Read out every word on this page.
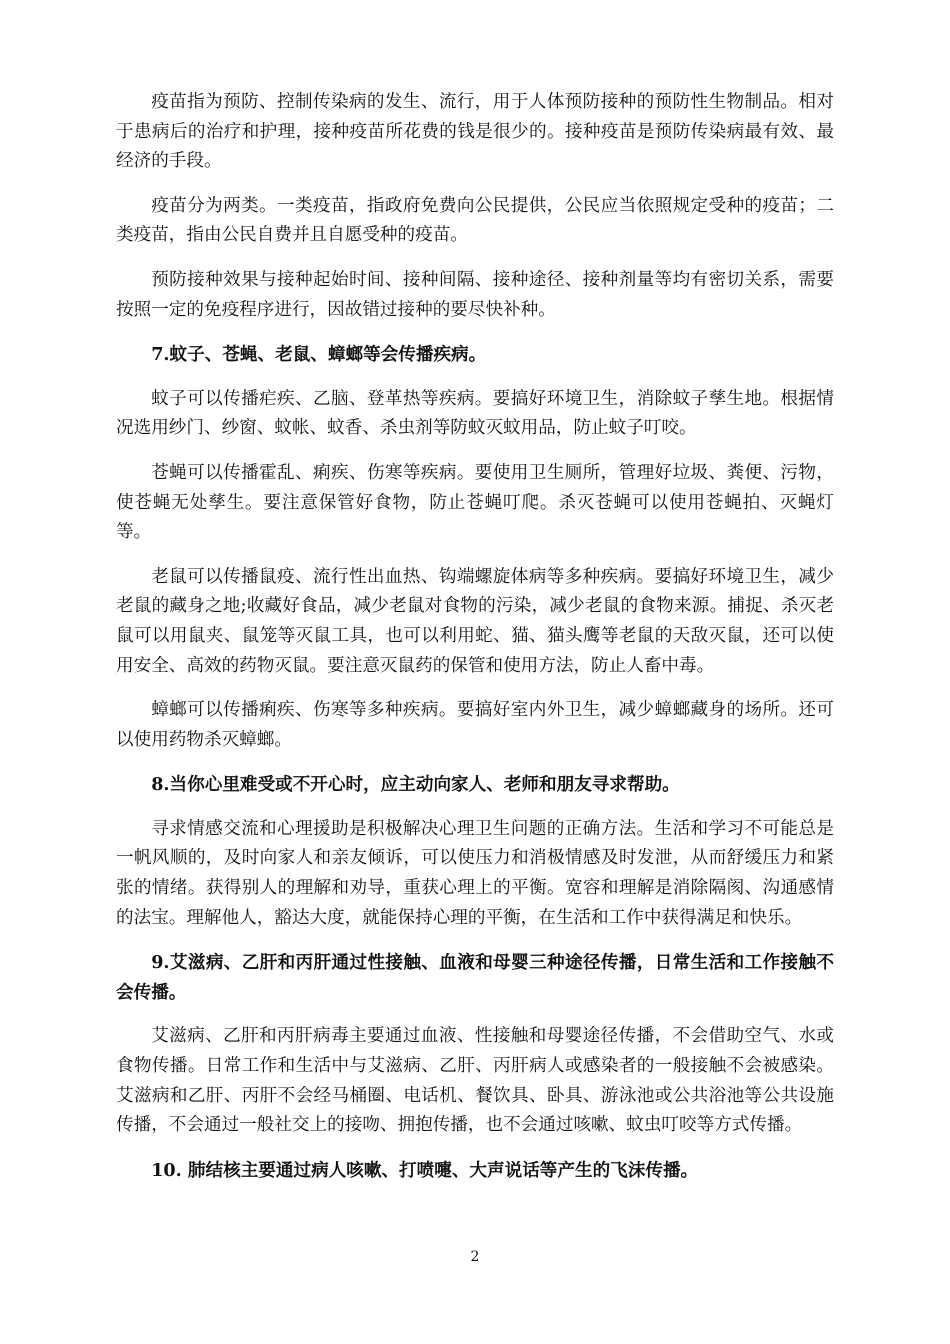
疫苗指为预防、控制传染病的发生、流行，用于人体预防接种的预防性生物制品。相对于患病后的治疗和护理，接种疫苗所花费的钱是很少的。接种疫苗是预防传染病最有效、最经济的手段。

疫苗分为两类。一类疫苗，指政府免费向公民提供，公民应当依照规定受种的疫苗；二类疫苗，指由公民自费并且自愿受种的疫苗。

预防接种效果与接种起始时间、接种间隔、接种途径、接种剂量等均有密切关系，需要按照一定的免疫程序进行，因故错过接种的要尽快补种。

7.蚊子、苍蝇、老鼠、蟑螂等会传播疾病。

蚊子可以传播疟疾、乙脑、登革热等疾病。要搞好环境卫生，消除蚊子孳生地。根据情况选用纱门、纱窗、蚊帐、蚊香、杀虫剂等防蚊灭蚊用品，防止蚊子叮咬。

苍蝇可以传播霍乱、痢疾、伤寒等疾病。要使用卫生厕所，管理好垃圾、粪便、污物，使苍蝇无处孳生。要注意保管好食物，防止苍蝇叮爬。杀灭苍蝇可以使用苍蝇拍、灭蝇灯等。

老鼠可以传播鼠疫、流行性出血热、钩端螺旋体病等多种疾病。要搞好环境卫生，减少老鼠的藏身之地;收藏好食品，减少老鼠对食物的污染，减少老鼠的食物来源。捕捉、杀灭老鼠可以用鼠夹、鼠笼等灭鼠工具，也可以利用蛇、猫、猫头鹰等老鼠的天敌灭鼠，还可以使用安全、高效的药物灭鼠。要注意灭鼠药的保管和使用方法，防止人畜中毒。

蟑螂可以传播痢疾、伤寒等多种疾病。要搞好室内外卫生，减少蟑螂藏身的场所。还可以使用药物杀灭蟑螂。

8.当你心里难受或不开心时，应主动向家人、老师和朋友寻求帮助。

寻求情感交流和心理援助是积极解决心理卫生问题的正确方法。生活和学习不可能总是一帆风顺的，及时向家人和亲友倾诉，可以使压力和消极情感及时发泄，从而舒缓压力和紧张的情绪。获得别人的理解和劝导，重获心理上的平衡。宽容和理解是消除隔阂、沟通感情的法宝。理解他人，豁达大度，就能保持心理的平衡，在生活和工作中获得满足和快乐。

9.艾滋病、乙肝和丙肝通过性接触、血液和母婴三种途径传播，日常生活和工作接触不会传播。

艾滋病、乙肝和丙肝病毒主要通过血液、性接触和母婴途径传播，不会借助空气、水或食物传播。日常工作和生活中与艾滋病、乙肝、丙肝病人或感染者的一般接触不会被感染。艾滋病和乙肝、丙肝不会经马桶圈、电话机、餐饮具、卧具、游泳池或公共浴池等公共设施传播，不会通过一般社交上的接吻、拥抱传播，也不会通过咳嗽、蚊虫叮咬等方式传播。

10. 肺结核主要通过病人咳嗽、打喷嚏、大声说话等产生的飞沫传播。

2
